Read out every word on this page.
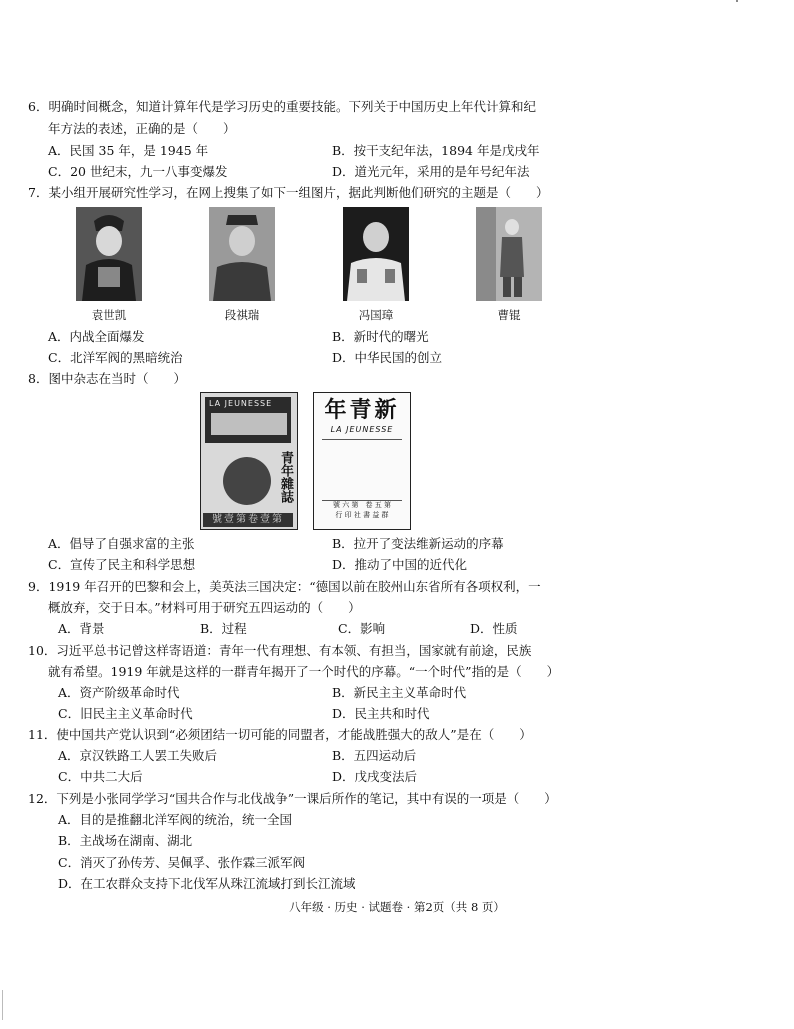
6．明确时间概念，知道计算年代是学习历史的重要技能。下列关于中国历史上年代计算和纪
年方法的表述，正确的是（　　）
A．民国 35 年，是 1945 年	B．按干支纪年法，1894 年是戊戌年
C．20 世纪末，九一八事变爆发	D．道光元年，采用的是年号纪年法
7．某小组开展研究性学习，在网上搜集了如下一组图片，据此判断他们研究的主题是（　　）
袁世凯	段祺瑞	冯国璋	曹锟
A．内战全面爆发	B．新时代的曙光
C．北洋军阀的黑暗统治	D．中华民国的创立
8．图中杂志在当时（　　）
LA JEUNESSE
青年雜誌
號壹第卷壹第
年青新
LA JEUNESSE
號 六 第　卷 五 第
行 印 社 書 益 群
A．倡导了自强求富的主张	B．拉开了变法维新运动的序幕
C．宣传了民主和科学思想	D．推动了中国的近代化
9．1919 年召开的巴黎和会上，美英法三国决定：“德国以前在胶州山东省所有各项权利，一
概放弃，交于日本。”材料可用于研究五四运动的（　　）
A．背景	B．过程	C．影响	D．性质
10．习近平总书记曾这样寄语道：青年一代有理想、有本领、有担当，国家就有前途，民族
就有希望。1919 年就是这样的一群青年揭开了一个时代的序幕。“一个时代”指的是（　　）
A．资产阶级革命时代	B．新民主主义革命时代
C．旧民主主义革命时代	D．民主共和时代
11．使中国共产党认识到“必须团结一切可能的同盟者，才能战胜强大的敌人”是在（　　）
A．京汉铁路工人罢工失败后	B．五四运动后
C．中共二大后	D．戊戌变法后
12．下列是小张同学学习“国共合作与北伐战争”一课后所作的笔记，其中有误的一项是（　　）
A．目的是推翻北洋军阀的统治，统一全国
B．主战场在湖南、湖北
C．消灭了孙传芳、吴佩孚、张作霖三派军阀
D．在工农群众支持下北伐军从珠江流域打到长江流域
八年级 · 历史 · 试题卷 · 第2页（共 8 页）
